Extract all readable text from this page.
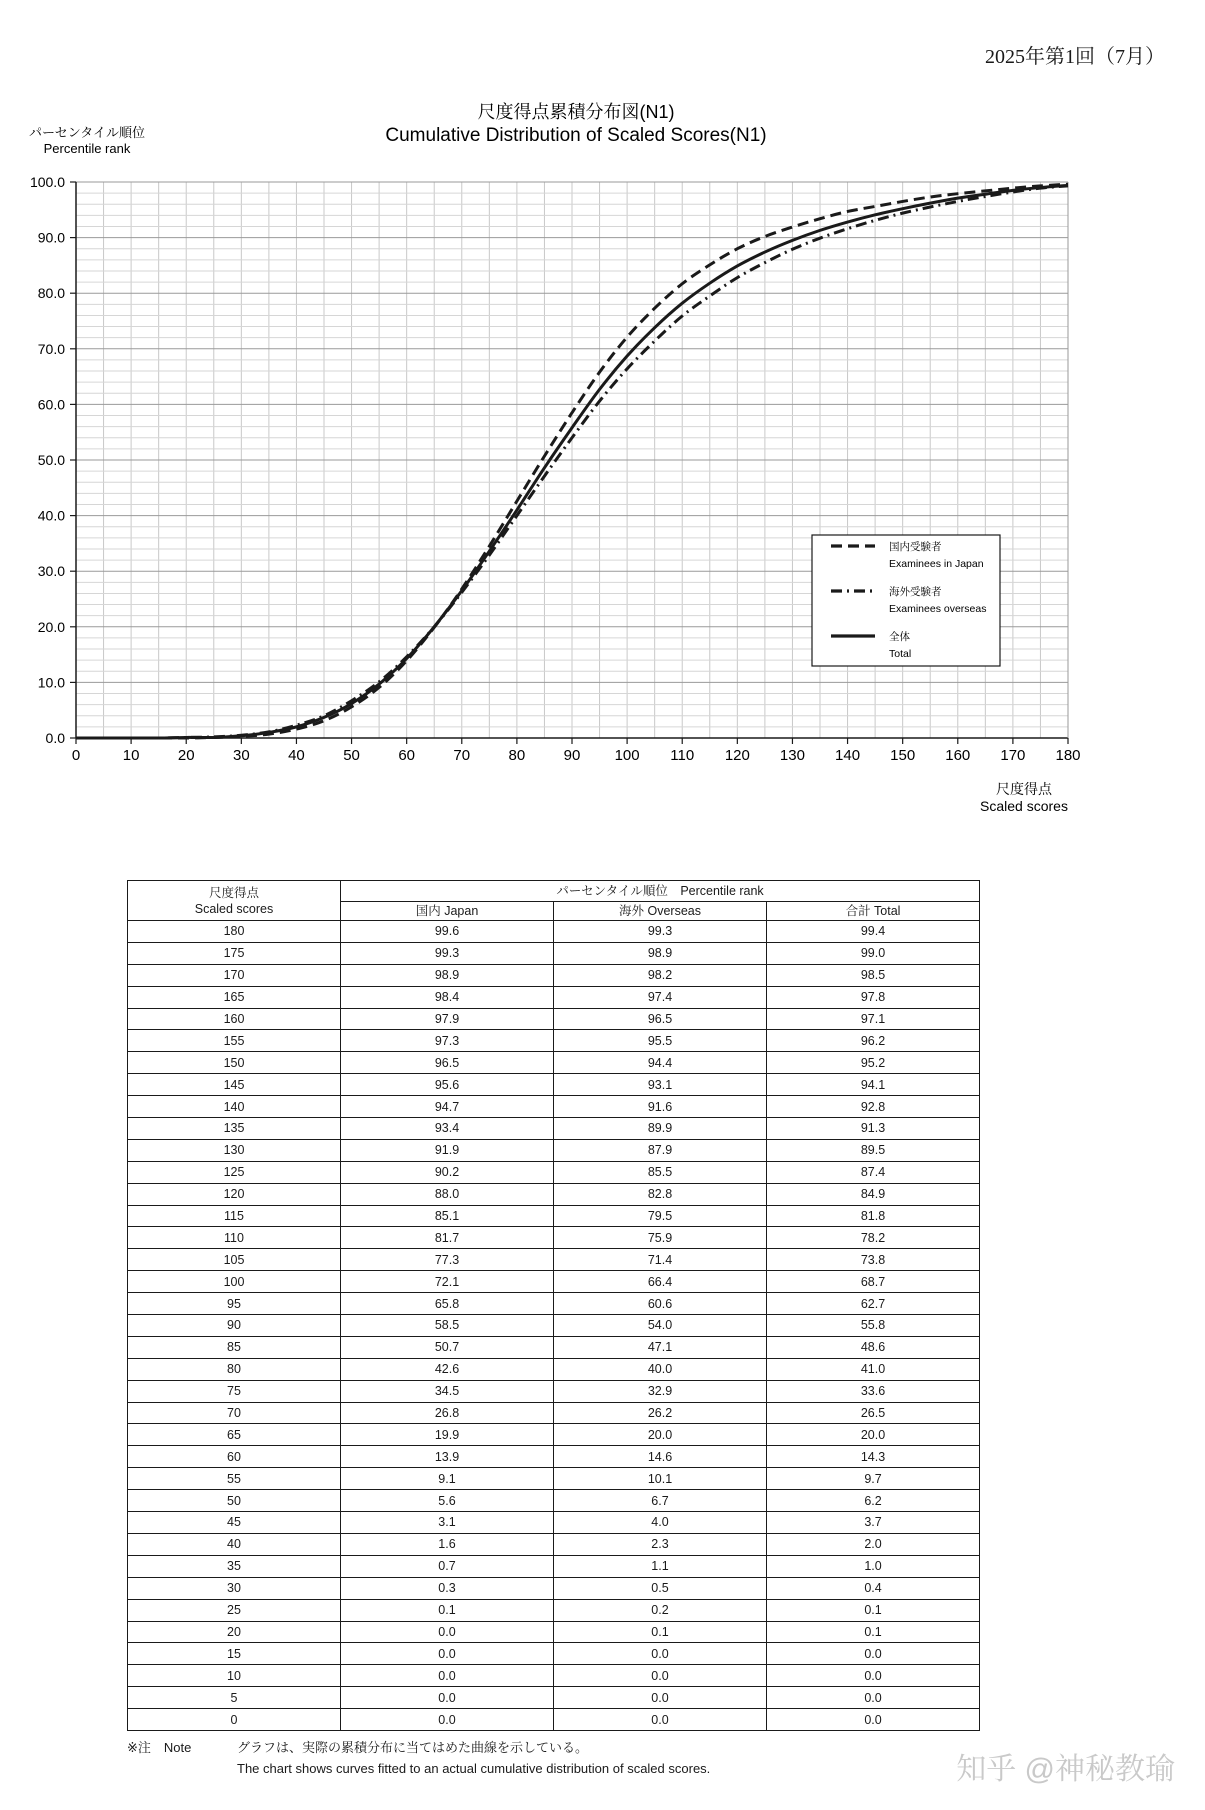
2025年第1回（7月）
0	10	20	30	40	50	60	70	80	90 100 110 120 130 140 150 160 170 180
0.0
10.0
20.0
30.0
40.0
50.0
60.0
70.0
80.0
90.0
100.0
尺度得点累積分布図(N1)
Cumulative Distribution of Scaled Scores(N1)
パーセンタイル順位
Percentile rank
尺度得点
Scaled scores
国内受験者
Examinees in Japan
海外受験者
Examinees overseas
全体
Total
尺度得点
Scaled scores	パーセンタイル順位　Percentile rank		
	国内 Japan	海外 Overseas	合計 Total
180	99.6	99.3	99.4
175	99.3	98.9	99.0
170	98.9	98.2	98.5
165	98.4	97.4	97.8
160	97.9	96.5	97.1
155	97.3	95.5	96.2
150	96.5	94.4	95.2
145	95.6	93.1	94.1
140	94.7	91.6	92.8
135	93.4	89.9	91.3
130	91.9	87.9	89.5
125	90.2	85.5	87.4
120	88.0	82.8	84.9
115	85.1	79.5	81.8
110	81.7	75.9	78.2
105	77.3	71.4	73.8
100	72.1	66.4	68.7
95	65.8	60.6	62.7
90	58.5	54.0	55.8
85	50.7	47.1	48.6
80	42.6	40.0	41.0
75	34.5	32.9	33.6
70	26.8	26.2	26.5
65	19.9	20.0	20.0
60	13.9	14.6	14.3
55	9.1	10.1	9.7
50	5.6	6.7	6.2
45	3.1	4.0	3.7
40	1.6	2.3	2.0
35	0.7	1.1	1.0
30	0.3	0.5	0.4
25	0.1	0.2	0.1
20	0.0	0.1	0.1
15	0.0	0.0	0.0
10	0.0	0.0	0.0
5	0.0	0.0	0.0
0	0.0	0.0	0.0
※注　Note	グラフは、実際の累積分布に当てはめた曲線を示している。
The chart shows curves fitted to an actual cumulative distribution of scaled scores.	知乎 @神秘教瑜
